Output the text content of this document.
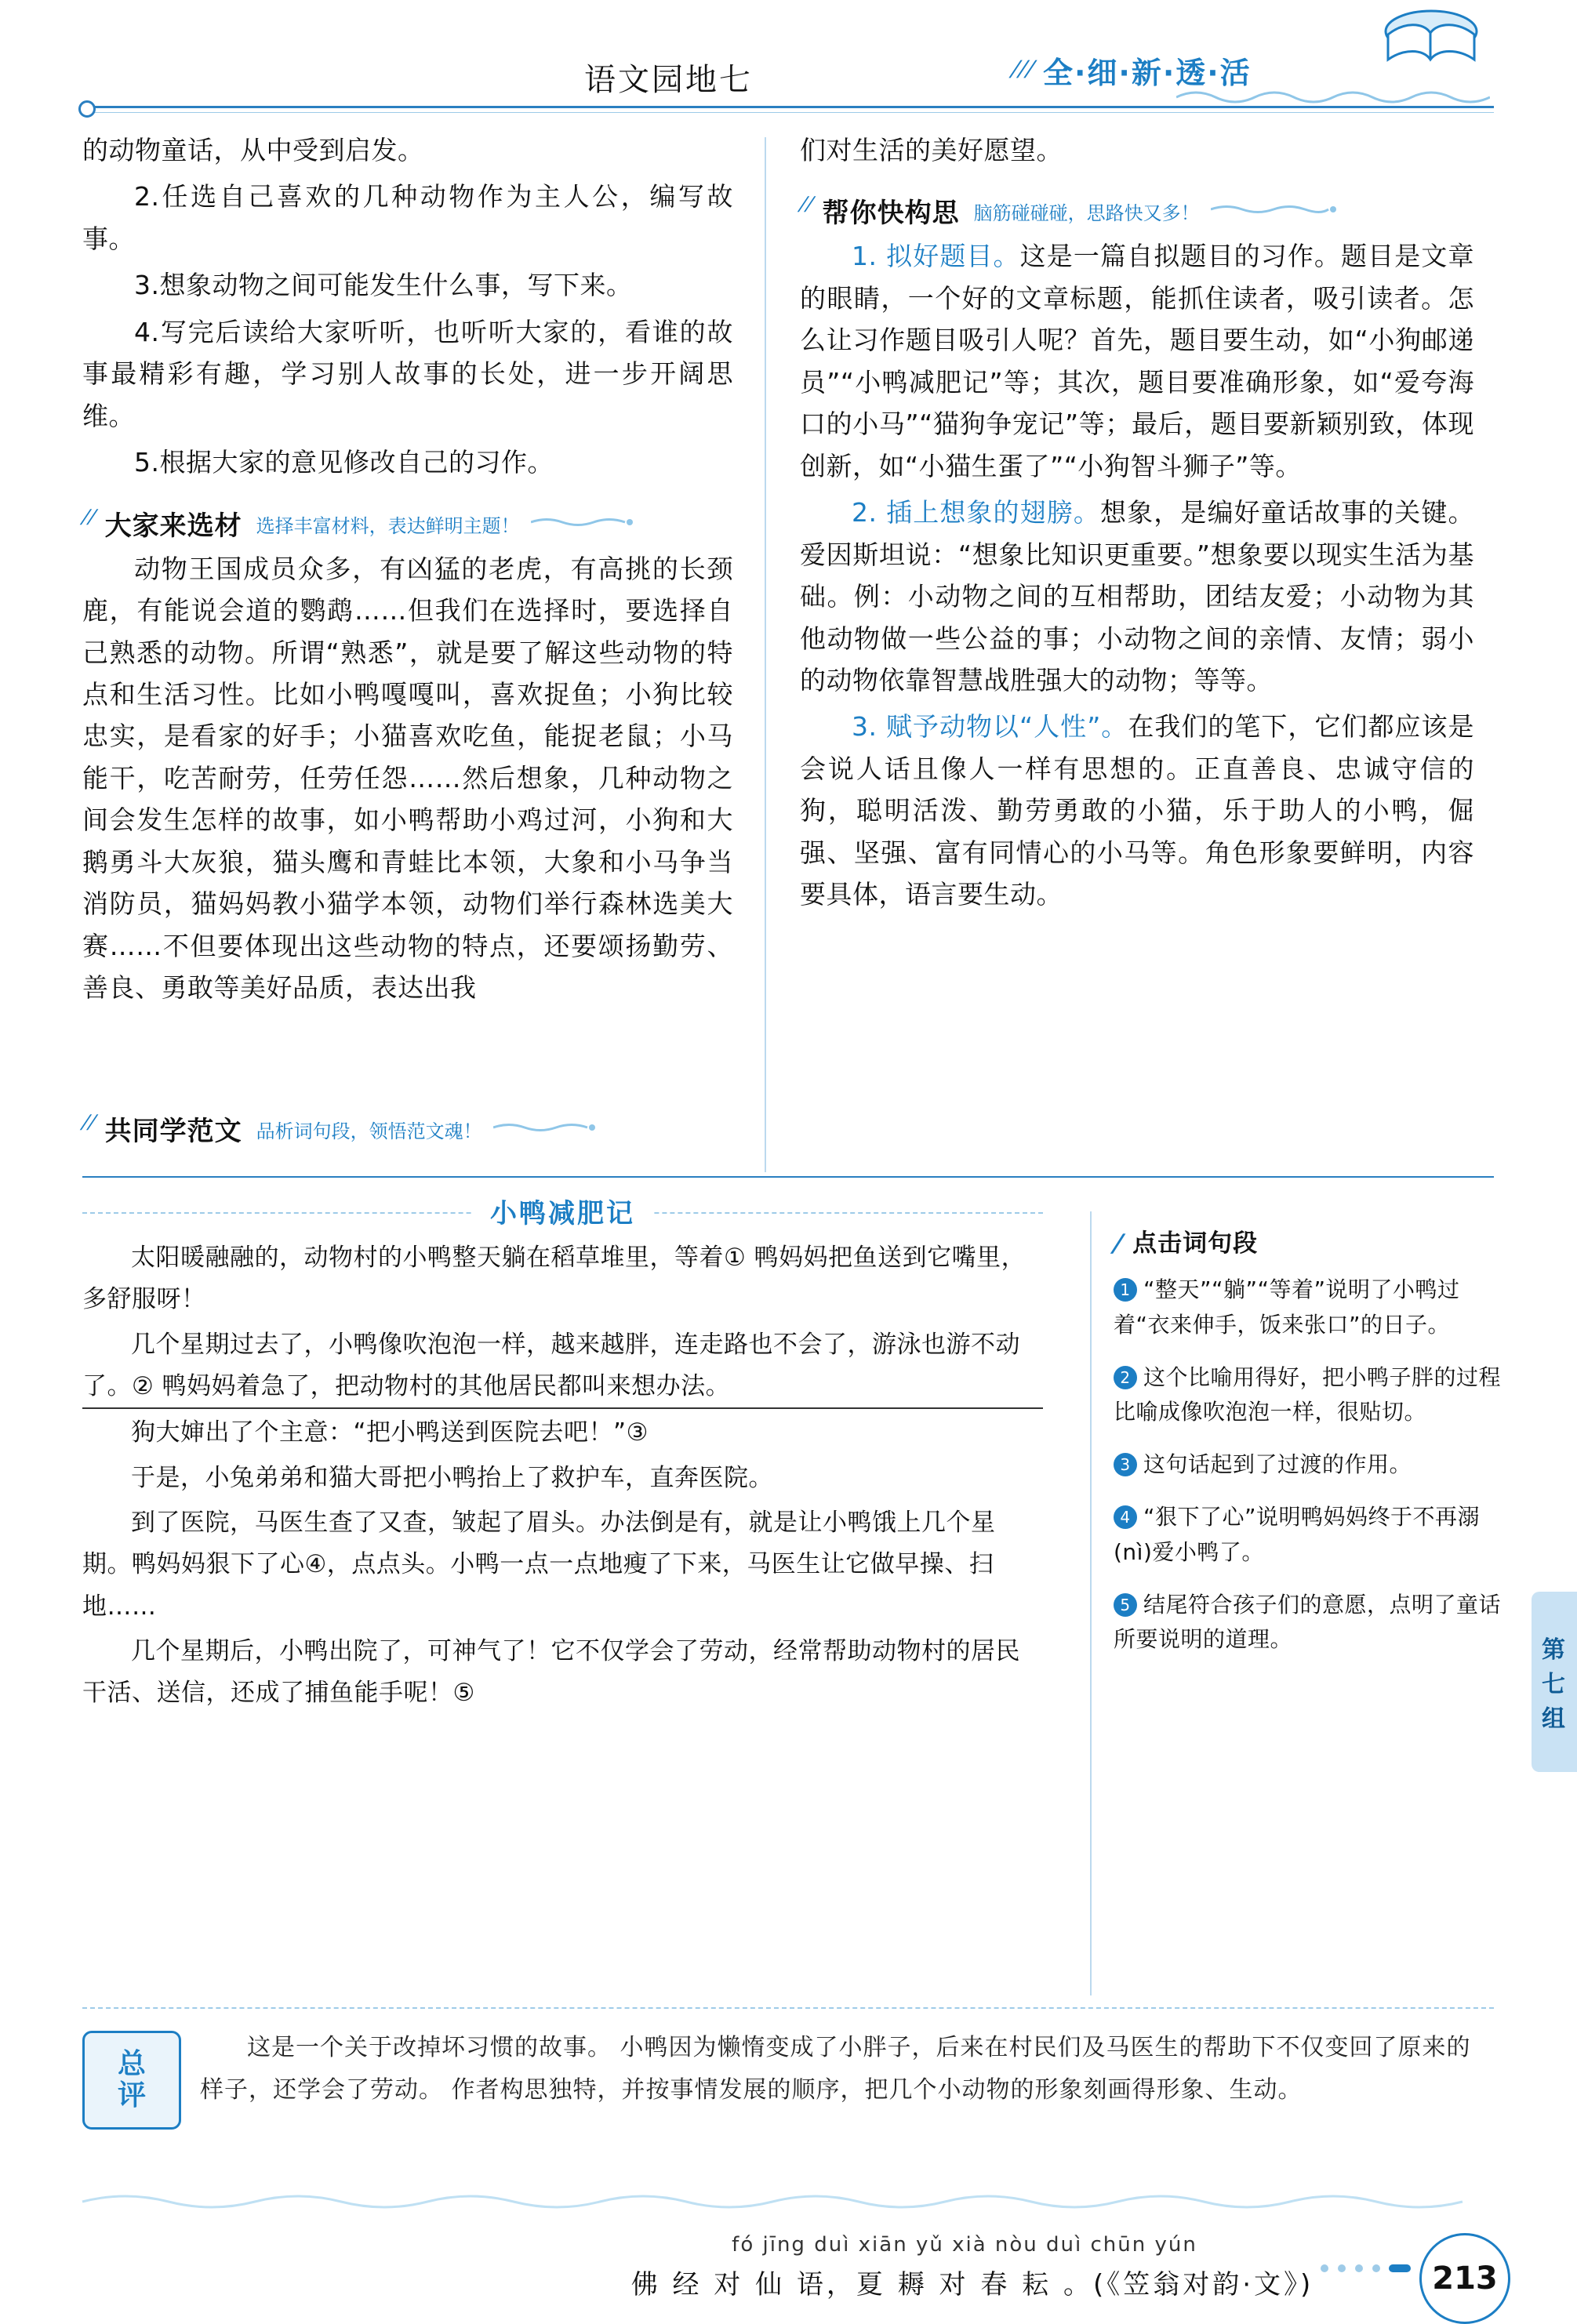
语文园地七	/// 全·细·新·透·活

的动物童话，从中受到启发。

2.任选自己喜欢的几种动物作为主人公，编写故事。

3.想象动物之间可能发生什么事，写下来。

4.写完后读给大家听听，也听听大家的，看谁的故事最精彩有趣，学习别人故事的长处，进一步开阔思维。

5.根据大家的意见修改自己的习作。

// 大家来选材 选择丰富材料，表达鲜明主题！

动物王国成员众多，有凶猛的老虎，有高挑的长颈鹿，有能说会道的鹦鹉……但我们在选择时，要选择自己熟悉的动物。所谓“熟悉”，就是要了解这些动物的特点和生活习性。比如小鸭嘎嘎叫，喜欢捉鱼；小狗比较忠实，是看家的好手；小猫喜欢吃鱼，能捉老鼠；小马能干，吃苦耐劳，任劳任怨……然后想象，几种动物之间会发生怎样的故事，如小鸭帮助小鸡过河，小狗和大鹅勇斗大灰狼，猫头鹰和青蛙比本领，大象和小马争当消防员，猫妈妈教小猫学本领，动物们举行森林选美大赛……不但要体现出这些动物的特点，还要颂扬勤劳、善良、勇敢等美好品质，表达出我

们对生活的美好愿望。

// 帮你快构思 脑筋碰碰碰，思路快又多！

1. 拟好题目。这是一篇自拟题目的习作。题目是文章的眼睛，一个好的文章标题，能抓住读者，吸引读者。怎么让习作题目吸引人呢？首先，题目要生动，如“小狗邮递员”“小鸭减肥记”等；其次，题目要准确形象，如“爱夸海口的小马”“猫狗争宠记”等；最后，题目要新颖别致，体现创新，如“小猫生蛋了”“小狗智斗狮子”等。

2. 插上想象的翅膀。想象，是编好童话故事的关键。爱因斯坦说：“想象比知识更重要。”想象要以现实生活为基础。例：小动物之间的互相帮助，团结友爱；小动物为其他动物做一些公益的事；小动物之间的亲情、友情；弱小的动物依靠智慧战胜强大的动物；等等。

3. 赋予动物以“人性”。在我们的笔下，它们都应该是会说人话且像人一样有思想的。正直善良、忠诚守信的狗，聪明活泼、勤劳勇敢的小猫，乐于助人的小鸭，倔强、坚强、富有同情心的小马等。角色形象要鲜明，内容要具体，语言要生动。

// 共同学范文 品析词句段，领悟范文魂！
小鸭减肥记

太阳暖融融的，动物村的小鸭整天躺在稻草堆里，等着① 鸭妈妈把鱼送到它嘴里，多舒服呀！

几个星期过去了，小鸭像吹泡泡一样，越来越胖，连走路也不会了，游泳也游不动了。② 鸭妈妈着急了，把动物村的其他居民都叫来想办法。

狗大婶出了个主意：“把小鸭送到医院去吧！”③

于是，小兔弟弟和猫大哥把小鸭抬上了救护车，直奔医院。

到了医院，马医生查了又查，皱起了眉头。办法倒是有，就是让小鸭饿上几个星期。鸭妈妈狠下了心④，点点头。小鸭一点一点地瘦了下来，马医生让它做早操、扫地……

几个星期后，小鸭出院了，可神气了！它不仅学会了劳动，经常帮助动物村的居民干活、送信，还成了捕鱼能手呢！⑤

/ 点击词句段
1 “整天”“躺”“等着”说明了小鸭过着“衣来伸手，饭来张口”的日子。
2 这个比喻用得好，把小鸭子胖的过程比喻成像吹泡泡一样，很贴切。
3 这句话起到了过渡的作用。
4 “狠下了心”说明鸭妈妈终于不再溺(nì)爱小鸭了。
5 结尾符合孩子们的意愿，点明了童话所要说明的道理。
总
评
这是一个关于改掉坏习惯的故事。 小鸭因为懒惰变成了小胖子，后来在村民们及马医生的帮助下不仅变回了原来的样子，还学会了劳动。 作者构思独特，并按事情发展的顺序，把几个小动物的形象刻画得形象、生动。
第
七
组
fó jīng duì xiān yǔ xià nòu duì chūn yún
佛 经 对 仙 语，夏 耨 对 春 耘 。(《笠翁对韵·文》)	213
